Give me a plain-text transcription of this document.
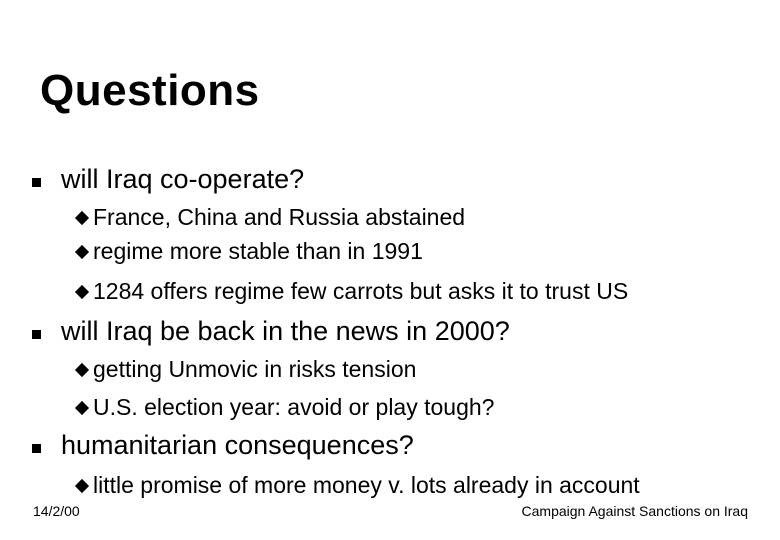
Questions
will Iraq co-operate?
France, China and Russia abstained
regime more stable than in 1991
1284 offers regime few carrots but asks it to trust US
will Iraq be back in the news in 2000?
getting Unmovic in risks tension
U.S. election year: avoid or play tough?
humanitarian consequences?
little promise of more money v. lots already in account
14/2/00	Campaign Against Sanctions on Iraq
